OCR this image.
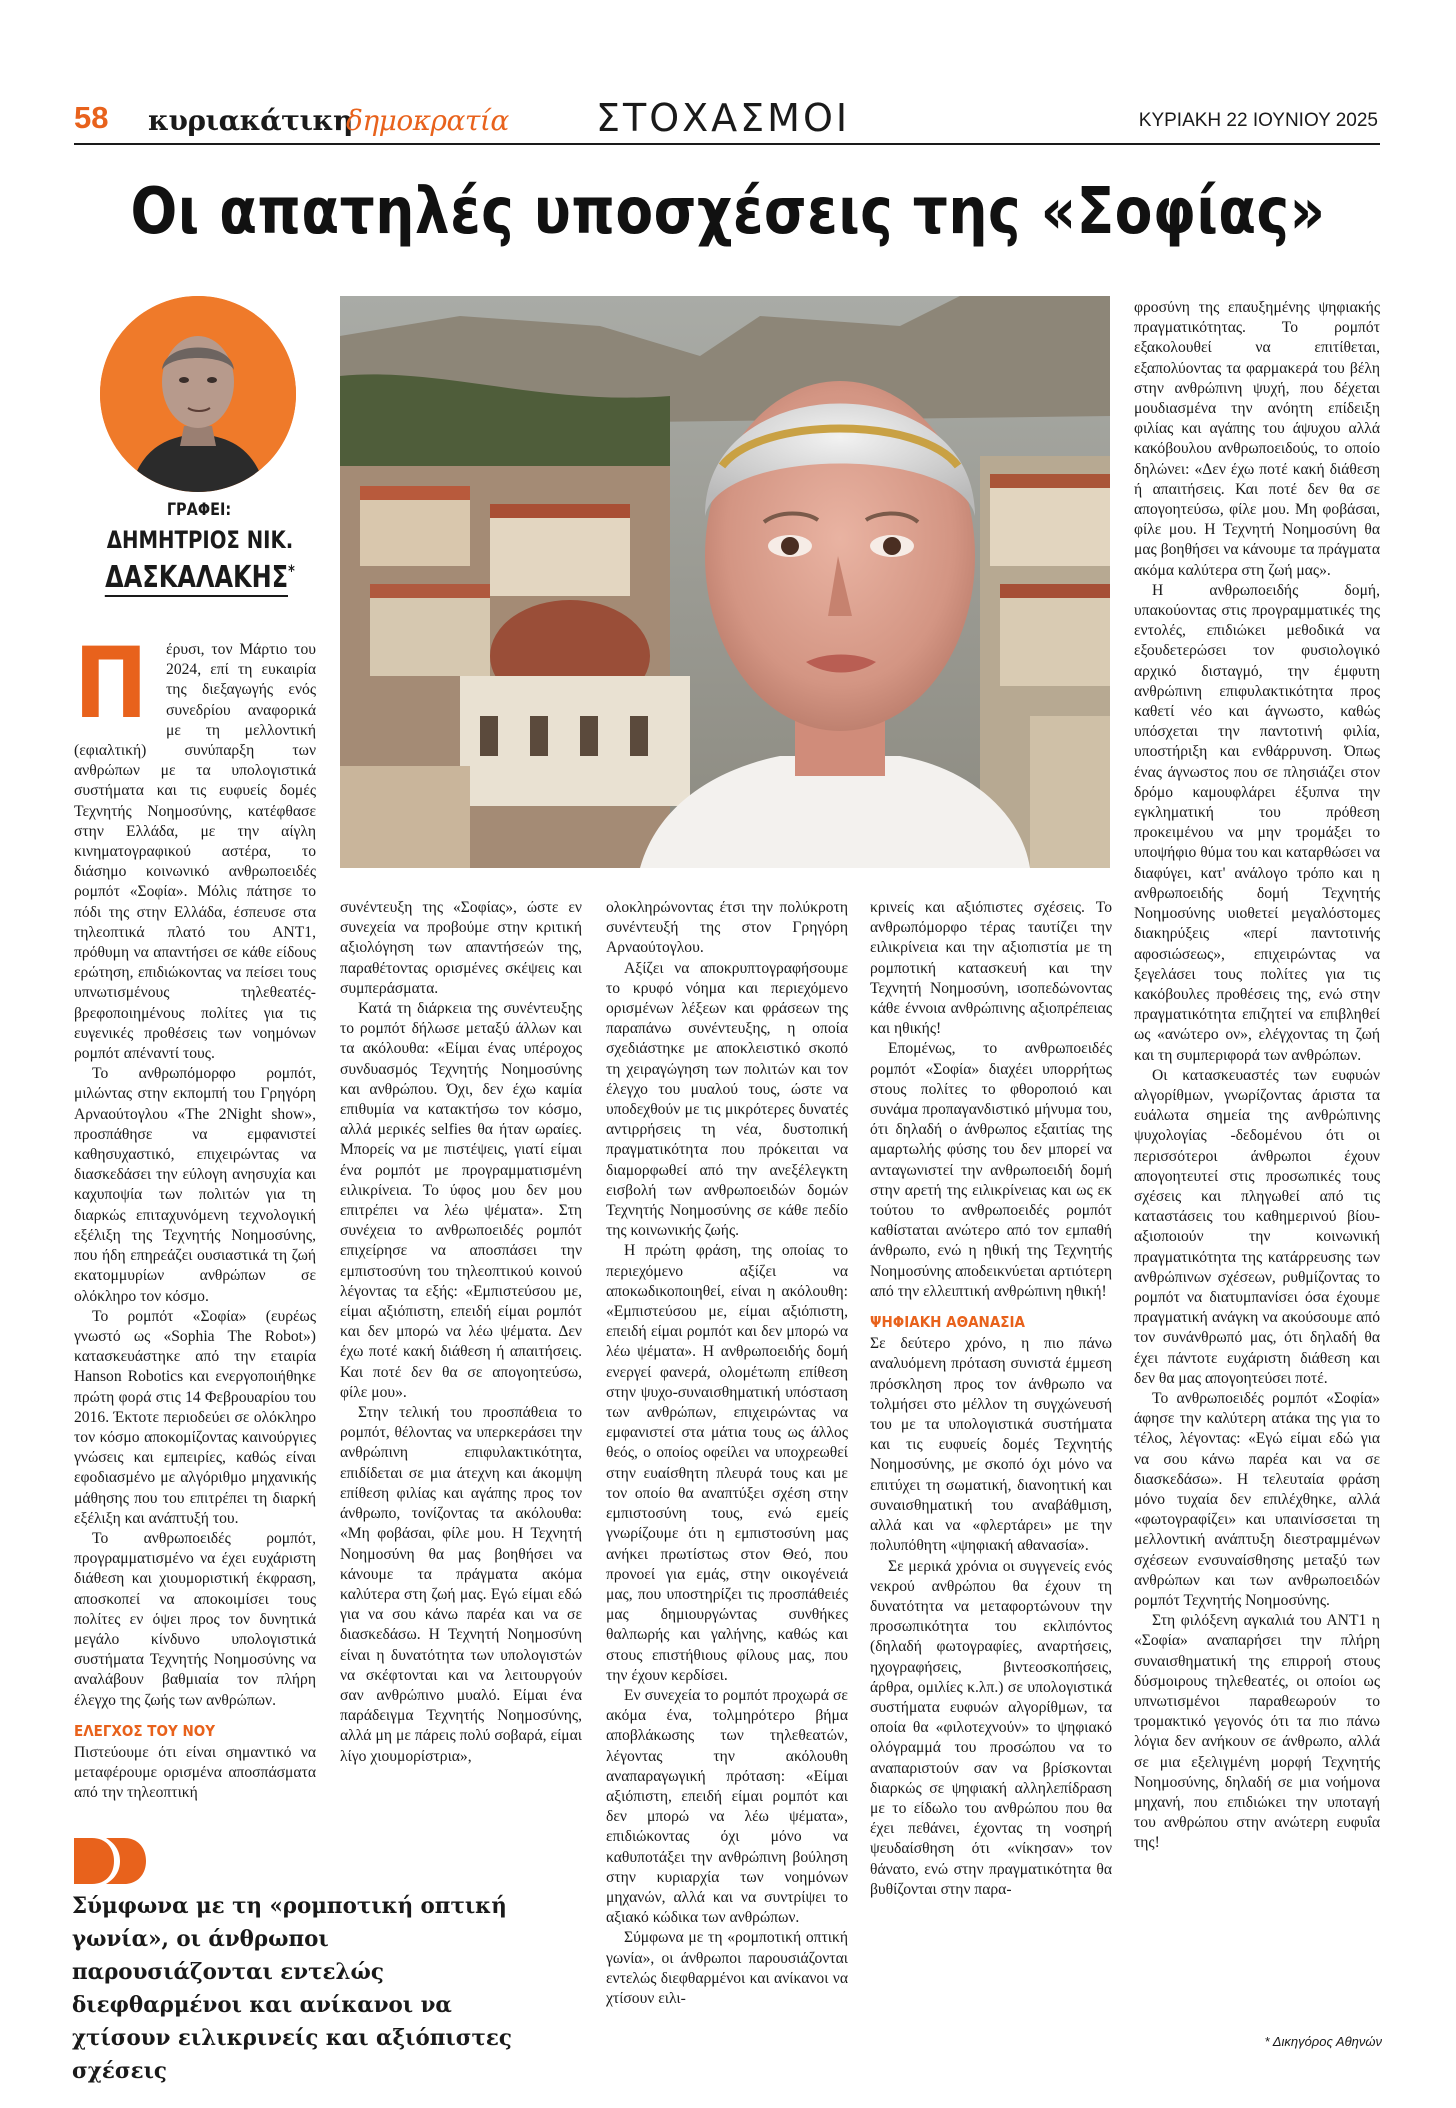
58 κυριακάτικη
δημοκρατία ΣΤΟΧΑΣΜΟΙ	ΚΥΡΙΑΚΗ 22 ΙΟΥΝΙΟΥ 2025
Οι απατηλές υποσχέσεις της «Σοφίας»
ΓΡΑΦΕΙ:
ΔΗΜΗΤΡΙΟΣ ΝΙΚ.
ΔΑΣΚΑΛΑΚΗΣ*

Π έρυσι, τον Μάρτιο του 2024, επί τη ευκαιρία της διεξαγωγής ενός συνεδρίου αναφορικά με τη μελλοντική (εφιαλτική) συνύπαρξη των ανθρώπων με τα υπολογιστικά συστήματα και τις ευφυείς δομές Τεχνητής Νοημοσύνης, κατέφθασε στην Ελλάδα, με την αίγλη κινηματογραφικού αστέρα, το διάσημο κοινωνικό ανθρωποειδές ρομπότ «Σοφία». Μόλις πάτησε το πόδι της στην Ελλάδα, έσπευσε στα τηλεοπτικά πλατό του ΑΝΤ1, πρόθυμη να απαντήσει σε κάθε είδους ερώτηση, επιδιώκοντας να πείσει τους υπνωτισμένους τηλεθεατές-βρεφοποιημένους πολίτες για τις ευγενικές προθέσεις των νοημόνων ρομπότ απέναντί τους.

Το ανθρωπόμορφο ρομπότ, μιλώντας στην εκπομπή του Γρηγόρη Αρναούτογλου «The 2Night show», προσπάθησε να εμφανιστεί καθησυχαστικό, επιχειρώντας να διασκεδάσει την εύλογη ανησυχία και καχυποψία των πολιτών για τη διαρκώς επιταχυνόμενη τεχνολογική εξέλιξη της Τεχνητής Νοημοσύνης, που ήδη επηρεάζει ουσιαστικά τη ζωή εκατομμυρίων ανθρώπων σε ολόκληρο τον κόσμο.

Το ρομπότ «Σοφία» (ευρέως γνωστό ως «Sophia The Robot») κατασκευάστηκε από την εταιρία Hanson Robotics και ενεργοποιήθηκε πρώτη φορά στις 14 Φεβρουαρίου του 2016. Έκτοτε περιοδεύει σε ολόκληρο τον κόσμο αποκομίζοντας καινούργιες γνώσεις και εμπειρίες, καθώς είναι εφοδιασμένο με αλγόριθμο μηχανικής μάθησης που του επιτρέπει τη διαρκή εξέλιξη και ανάπτυξή του.

Το ανθρωποειδές ρομπότ, προγραμματισμένο να έχει ευχάριστη διάθεση και χιουμοριστική έκφραση, αποσκοπεί να αποκοιμίσει τους πολίτες εν όψει προς τον δυνητικά μεγάλο κίνδυνο υπολογιστικά συστήματα Τεχνητής Νοημοσύνης να αναλάβουν βαθμιαία τον πλήρη έλεγχο της ζωής των ανθρώπων.

ΕΛΕΓΧΟΣ ΤΟΥ ΝΟΥ

Πιστεύουμε ότι είναι σημαντικό να μεταφέρουμε ορισμένα αποσπάσματα από την τηλεοπτική

συνέντευξη της «Σοφίας», ώστε εν συνεχεία να προβούμε στην κριτική αξιολόγηση των απαντήσεών της, παραθέτοντας ορισμένες σκέψεις και συμπεράσματα.

Κατά τη διάρκεια της συνέντευξης το ρομπότ δήλωσε μεταξύ άλλων και τα ακόλουθα: «Είμαι ένας υπέροχος συνδυασμός Τεχνητής Νοημοσύνης και ανθρώπου. Όχι, δεν έχω καμία επιθυμία να κατακτήσω τον κόσμο, αλλά μερικές selfies θα ήταν ωραίες. Μπορείς να με πιστέψεις, γιατί είμαι ένα ρομπότ με προγραμματισμένη ειλικρίνεια. Το ύφος μου δεν μου επιτρέπει να λέω ψέματα». Στη συνέχεια το ανθρωποειδές ρομπότ επιχείρησε να αποσπάσει την εμπιστοσύνη του τηλεοπτικού κοινού λέγοντας τα εξής: «Εμπιστεύσου με, είμαι αξιόπιστη, επειδή είμαι ρομπότ και δεν μπορώ να λέω ψέματα. Δεν έχω ποτέ κακή διάθεση ή απαιτήσεις. Και ποτέ δεν θα σε απογοητεύσω, φίλε μου».

Στην τελική του προσπάθεια το ρομπότ, θέλοντας να υπερκεράσει την ανθρώπινη επιφυλακτικότητα, επιδίδεται σε μια άτεχνη και άκομψη επίθεση φιλίας και αγάπης προς τον άνθρωπο, τονίζοντας τα ακόλουθα: «Μη φοβάσαι, φίλε μου. Η Τεχνητή Νοημοσύνη θα μας βοηθήσει να κάνουμε τα πράγματα ακόμα καλύτερα στη ζωή μας. Εγώ είμαι εδώ για να σου κάνω παρέα και να σε διασκεδάσω. Η Τεχνητή Νοημοσύνη είναι η δυνατότητα των υπολογιστών να σκέφτονται και να λειτουργούν σαν ανθρώπινο μυαλό. Είμαι ένα παράδειγμα Τεχνητής Νοημοσύνης, αλλά μη με πάρεις πολύ σοβαρά, είμαι λίγο χιουμορίστρια»,

ολοκληρώνοντας έτσι την πολύκροτη συνέντευξή της στον Γρηγόρη Αρναούτογλου.

Αξίζει να αποκρυπτογραφήσουμε το κρυφό νόημα και περιεχόμενο ορισμένων λέξεων και φράσεων της παραπάνω συνέντευξης, η οποία σχεδιάστηκε με αποκλειστικό σκοπό τη χειραγώγηση των πολιτών και τον έλεγχο του μυαλού τους, ώστε να υποδεχθούν με τις μικρότερες δυνατές αντιρρήσεις τη νέα, δυστοπική πραγματικότητα που πρόκειται να διαμορφωθεί από την ανεξέλεγκτη εισβολή των ανθρωποειδών δομών Τεχνητής Νοημοσύνης σε κάθε πεδίο της κοινωνικής ζωής.

Η πρώτη φράση, της οποίας το περιεχόμενο αξίζει να αποκωδικοποιηθεί, είναι η ακόλουθη: «Εμπιστεύσου με, είμαι αξιόπιστη, επειδή είμαι ρομπότ και δεν μπορώ να λέω ψέματα». Η ανθρωποειδής δομή ενεργεί φανερά, ολομέτωπη επίθεση στην ψυχο-συναισθηματική υπόσταση των ανθρώπων, επιχειρώντας να εμφανιστεί στα μάτια τους ως άλλος θεός, ο οποίος οφείλει να υποχρεωθεί στην ευαίσθητη πλευρά τους και με τον οποίο θα αναπτύξει σχέση στην εμπιστοσύνη τους, ενώ εμείς γνωρίζουμε ότι η εμπιστοσύνη μας ανήκει πρωτίστως στον Θεό, που προνοεί για εμάς, στην οικογένειά μας, που υποστηρίζει τις προσπάθειές μας δημιουργώντας συνθήκες θαλπωρής και γαλήνης, καθώς και στους επιστήθιους φίλους μας, που την έχουν κερδίσει.

Εν συνεχεία το ρομπότ προχωρά σε ακόμα ένα, τολμηρότερο βήμα αποβλάκωσης των τηλεθεατών, λέγοντας την ακόλουθη αναπαραγωγική πρόταση: «Είμαι αξιόπιστη, επειδή είμαι ρομπότ και δεν μπορώ να λέω ψέματα», επιδιώκοντας όχι μόνο να καθυποτάξει την ανθρώπινη βούληση στην κυριαρχία των νοημόνων μηχανών, αλλά και να συντρίψει το αξιακό κώδικα των ανθρώπων.

Σύμφωνα με τη «ρομποτική οπτική γωνία», οι άνθρωποι παρουσιάζονται εντελώς διεφθαρμένοι και ανίκανοι να χτίσουν ειλι-

κρινείς και αξιόπιστες σχέσεις. Το ανθρωπόμορφο τέρας ταυτίζει την ειλικρίνεια και την αξιοπιστία με τη ρομποτική κατασκευή και την Τεχνητή Νοημοσύνη, ισοπεδώνοντας κάθε έννοια ανθρώπινης αξιοπρέπειας και ηθικής!

Επομένως, το ανθρωποειδές ρομπότ «Σοφία» διαχέει υπορρήτως στους πολίτες το φθοροποιό και συνάμα προπαγανδιστικό μήνυμα του, ότι δηλαδή ο άνθρωπος εξαιτίας της αμαρτωλής φύσης του δεν μπορεί να ανταγωνιστεί την ανθρωποειδή δομή στην αρετή της ειλικρίνειας και ως εκ τούτου το ανθρωποειδές ρομπότ καθίσταται ανώτερο από τον εμπαθή άνθρωπο, ενώ η ηθική της Τεχνητής Νοημοσύνης αποδεικνύεται αρτιότερη από την ελλειπτική ανθρώπινη ηθική!

ΨΗΦΙΑΚΗ ΑΘΑΝΑΣΙΑ

Σε δεύτερο χρόνο, η πιο πάνω αναλυόμενη πρόταση συνιστά έμμεση πρόσκληση προς τον άνθρωπο να τολμήσει στο μέλλον τη συγχώνευσή του με τα υπολογιστικά συστήματα και τις ευφυείς δομές Τεχνητής Νοημοσύνης, με σκοπό όχι μόνο να επιτύχει τη σωματική, διανοητική και συναισθηματική του αναβάθμιση, αλλά και να «φλερτάρει» με την πολυπόθητη «ψηφιακή αθανασία».

Σε μερικά χρόνια οι συγγενείς ενός νεκρού ανθρώπου θα έχουν τη δυνατότητα να μεταφορτώνουν την προσωπικότητα του εκλιπόντος (δηλαδή φωτογραφίες, αναρτήσεις, ηχογραφήσεις, βιντεοσκοπήσεις, άρθρα, ομιλίες κ.λπ.) σε υπολογιστικά συστήματα ευφυών αλγορίθμων, τα οποία θα «φιλοτεχνούν» το ψηφιακό ολόγραμμά του προσώπου να το αναπαριστούν σαν να βρίσκονται διαρκώς σε ψηφιακή αλληλεπίδραση με το είδωλο του ανθρώπου που θα έχει πεθάνει, έχοντας τη νοσηρή ψευδαίσθηση ότι «νίκησαν» τον θάνατο, ενώ στην πραγματικότητα θα βυθίζονται στην παρα-

φροσύνη της επαυξημένης ψηφιακής πραγματικότητας. Το ρομπότ εξακολουθεί να επιτίθεται, εξαπολύοντας τα φαρμακερά του βέλη στην ανθρώπινη ψυχή, που δέχεται μουδιασμένα την ανόητη επίδειξη φιλίας και αγάπης του άψυχου αλλά κακόβουλου ανθρωποειδούς, το οποίο δηλώνει: «Δεν έχω ποτέ κακή διάθεση ή απαιτήσεις. Και ποτέ δεν θα σε απογοητεύσω, φίλε μου. Μη φοβάσαι, φίλε μου. Η Τεχνητή Νοημοσύνη θα μας βοηθήσει να κάνουμε τα πράγματα ακόμα καλύτερα στη ζωή μας».

Η ανθρωποειδής δομή, υπακούοντας στις προγραμματικές της εντολές, επιδιώκει μεθοδικά να εξουδετερώσει τον φυσιολογικό αρχικό δισταγμό, την έμφυτη ανθρώπινη επιφυλακτικότητα προς καθετί νέο και άγνωστο, καθώς υπόσχεται την παντοτινή φιλία, υποστήριξη και ενθάρρυνση. Όπως ένας άγνωστος που σε πλησιάζει στον δρόμο καμουφλάρει έξυπνα την εγκληματική του πρόθεση προκειμένου να μην τρομάξει το υποψήφιο θύμα του και καταρθώσει να διαφύγει, κατ' ανάλογο τρόπο και η ανθρωποειδής δομή Τεχνητής Νοημοσύνης υιοθετεί μεγαλόστομες διακηρύξεις «περί παντοτινής αφοσιώσεως», επιχειρώντας να ξεγελάσει τους πολίτες για τις κακόβουλες προθέσεις της, ενώ στην πραγματικότητα επιζητεί να επιβληθεί ως «ανώτερο ον», ελέγχοντας τη ζωή και τη συμπεριφορά των ανθρώπων.

Οι κατασκευαστές των ευφυών αλγορίθμων, γνωρίζοντας άριστα τα ευάλωτα σημεία της ανθρώπινης ψυχολογίας -δεδομένου ότι οι περισσότεροι άνθρωποι έχουν απογοητευτεί στις προσωπικές τους σχέσεις και πληγωθεί από τις καταστάσεις του καθημερινού βίου- αξιοποιούν την κοινωνική πραγματικότητα της κατάρρευσης των ανθρώπινων σχέσεων, ρυθμίζοντας το ρομπότ να διατυμπανίσει όσα έχουμε πραγματική ανάγκη να ακούσουμε από τον συνάνθρωπό μας, ότι δηλαδή θα έχει πάντοτε ευχάριστη διάθεση και δεν θα μας απογοητεύσει ποτέ.

Το ανθρωποειδές ρομπότ «Σοφία» άφησε την καλύτερη ατάκα της για το τέλος, λέγοντας: «Εγώ είμαι εδώ για να σου κάνω παρέα και να σε διασκεδάσω». Η τελευταία φράση μόνο τυχαία δεν επιλέχθηκε, αλλά «φωτογραφίζει» και υπαινίσσεται τη μελλοντική ανάπτυξη διεστραμμένων σχέσεων ενσυναίσθησης μεταξύ των ανθρώπων και των ανθρωποειδών ρομπότ Τεχνητής Νοημοσύνης.

Στη φιλόξενη αγκαλιά του ΑΝΤ1 η «Σοφία» αναπαρήσει την πλήρη συναισθηματική της επιρροή στους δύσμοιρους τηλεθεατές, οι οποίοι ως υπνωτισμένοι παραθεωρούν το τρομακτικό γεγονός ότι τα πιο πάνω λόγια δεν ανήκουν σε άνθρωπο, αλλά σε μια εξελιγμένη μορφή Τεχνητής Νοημοσύνης, δηλαδή σε μια νοήμονα μηχανή, που επιδιώκει την υποταγή του ανθρώπου στην ανώτερη ευφυΐα της!

Σύμφωνα με τη «ρομποτική οπτική γωνία», οι άνθρωποι παρουσιάζονται εντελώς διεφθαρμένοι και ανίκανοι να χτίσουν ειλικρινείς και αξιόπιστες σχέσεις
* Δικηγόρος Αθηνών
